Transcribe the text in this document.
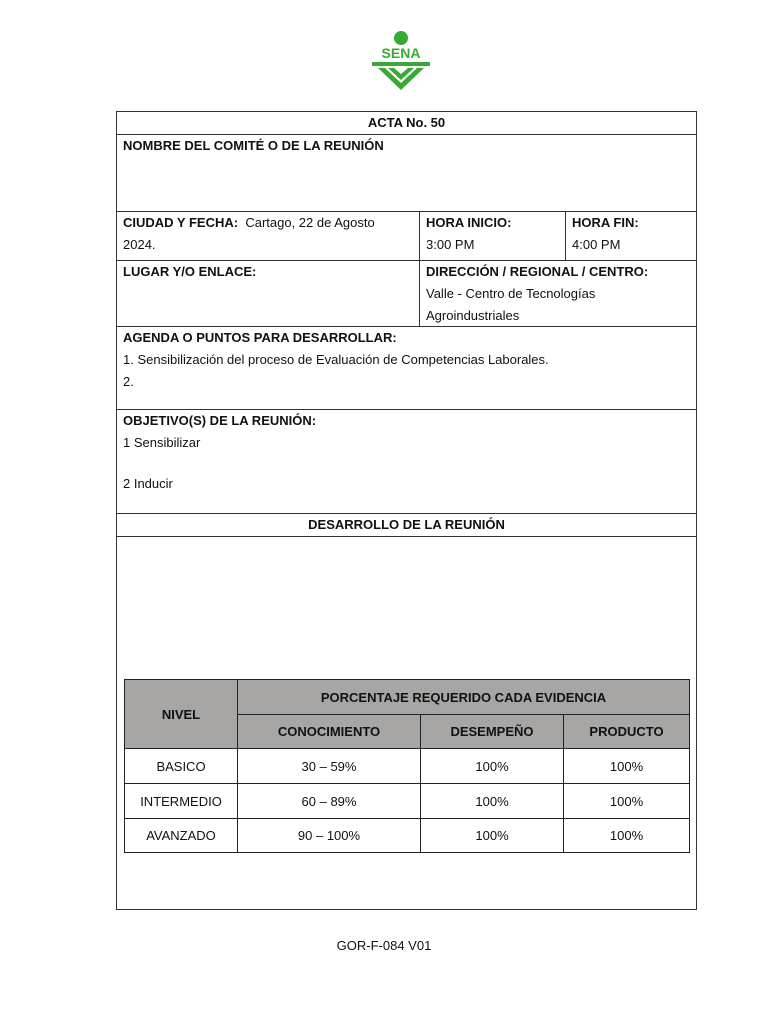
SENA
ACTA No. 50
NOMBRE DEL COMITÉ O DE LA REUNIÓN
CIUDAD Y FECHA: Cartago, 22 de Agosto
2024.
HORA INICIO:
3:00 PM
HORA FIN:
4:00 PM
LUGAR Y/O ENLACE:	DIRECCIÓN / REGIONAL / CENTRO:
Valle - Centro de Tecnologías
Agroindustriales
AGENDA O PUNTOS PARA DESARROLLAR:
1. Sensibilización del proceso de Evaluación de Competencias Laborales.
2.
OBJETIVO(S) DE LA REUNIÓN:
1 Sensibilizar
2 Inducir
DESARROLLO DE LA REUNIÓN
NIVEL	PORCENTAJE REQUERIDO CADA EVIDENCIA		
	CONOCIMIENTO	DESEMPEÑO	PRODUCTO
BASICO	30 – 59%	100%	100%
INTERMEDIO	60 – 89%	100%	100%
AVANZADO	90 – 100%	100%	100%
GOR-F-084 V01
